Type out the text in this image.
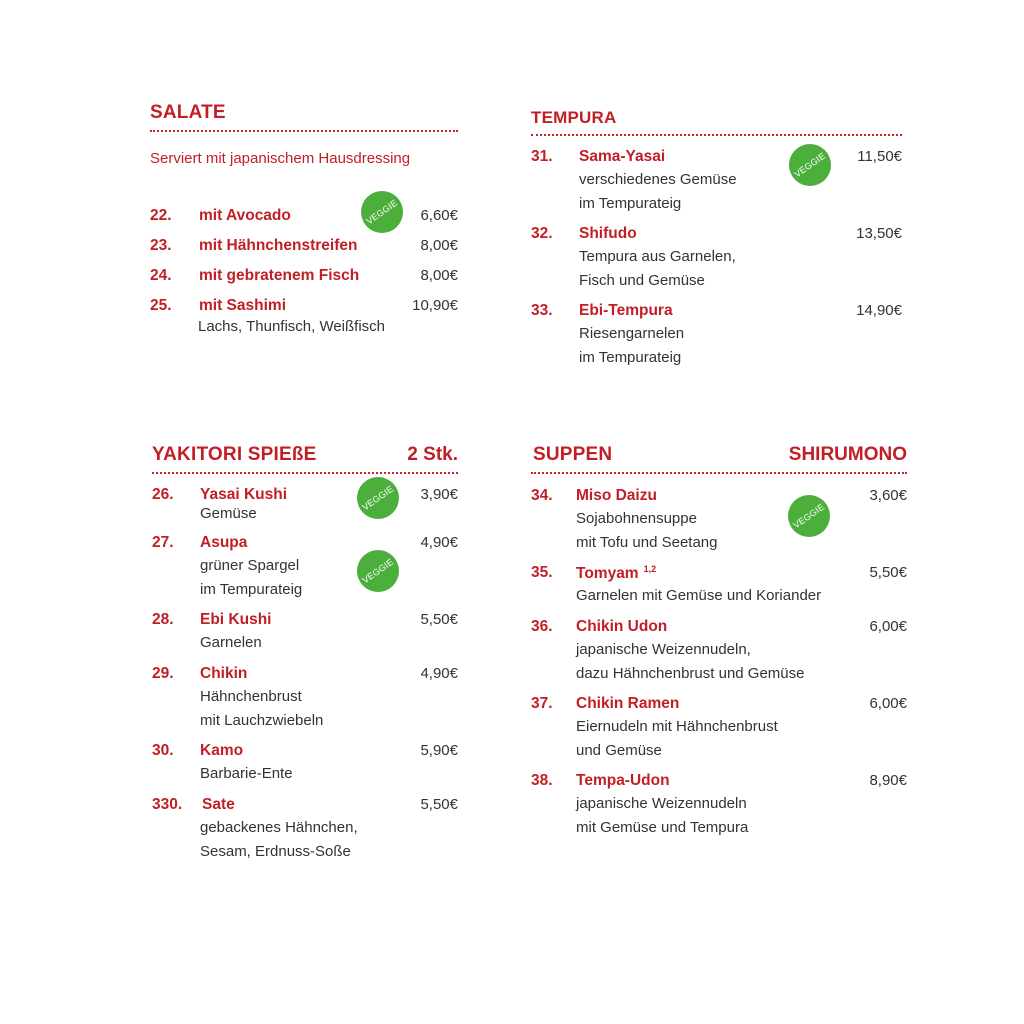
SALATE
Serviert mit japanischem Hausdressing
22. mit Avocado	6,60€
VEGGIE
23. mit Hähnchenstreifen	8,00€
24. mit gebratenem Fisch	8,00€
25. mit Sashimi	10,90€
Lachs, Thunfisch, Weißfisch
TEMPURA
31. Sama-Yasai	11,50€
verschiedenes Gemüse
im Tempurateig
VEGGIE
32. Shifudo	13,50€
Tempura aus Garnelen,
Fisch und Gemüse
33. Ebi-Tempura	14,90€
Riesengarnelen
im Tempurateig
YAKITORI SPIEßE	2 Stk.
26. Yasai Kushi	3,90€
Gemüse
VEGGIE
27. Asupa	4,90€
grüner Spargel
im Tempurateig
VEGGIE
28. Ebi Kushi	5,50€
Garnelen
29. Chikin	4,90€
Hähnchenbrust
mit Lauchzwiebeln
30. Kamo	5,90€
Barbarie-Ente
330. Sate	5,50€
gebackenes Hähnchen,
Sesam, Erdnuss-Soße
SUPPEN	SHIRUMONO
34. Miso Daizu	3,60€
Sojabohnensuppe
mit Tofu und Seetang
VEGGIE
35. Tomyam $^{1,2}$	5,50€
Garnelen mit Gemüse und Koriander
36. Chikin Udon	6,00€
japanische Weizennudeln,
dazu Hähnchenbrust und Gemüse
37. Chikin Ramen	6,00€
Eiernudeln mit Hähnchenbrust
und Gemüse
38. Tempa-Udon	8,90€
japanische Weizennudeln
mit Gemüse und Tempura
